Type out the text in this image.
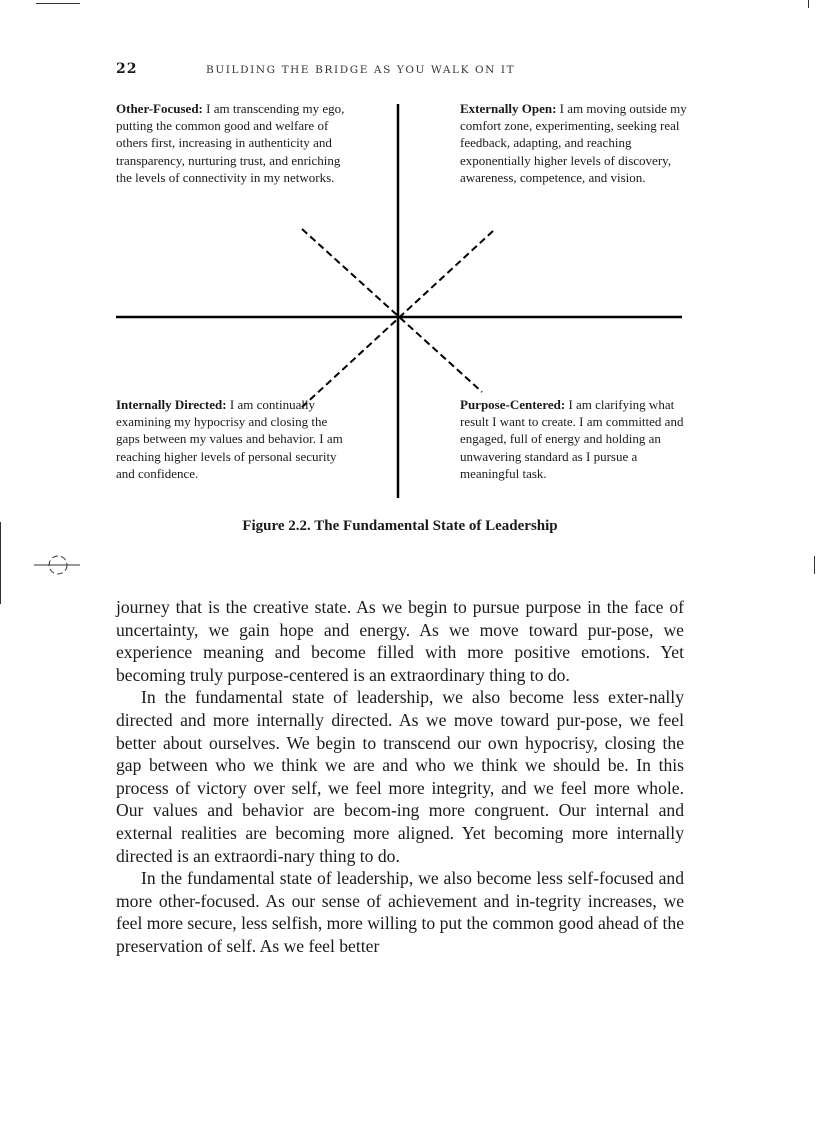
22	BUILDING THE BRIDGE AS YOU WALK ON IT
Other-Focused: I am transcending my ego, putting the common good and welfare of others first, increasing in authenticity and transparency, nurturing trust, and enriching the levels of connectivity in my networks.
Externally Open: I am moving outside my comfort zone, experimenting, seeking real feedback, adapting, and reaching exponentially higher levels of discovery, awareness, competence, and vision.
Internally Directed: I am continually examining my hypocrisy and closing the gaps between my values and behavior. I am reaching higher levels of personal security and confidence.
Purpose-Centered: I am clarifying what result I want to create. I am committed and engaged, full of energy and holding an unwavering standard as I pursue a meaningful task.
Figure 2.2. The Fundamental State of Leadership

journey that is the creative state. As we begin to pursue purpose in the face of uncertainty, we gain hope and energy. As we move toward pur-pose, we experience meaning and become filled with more positive emotions. Yet becoming truly purpose-centered is an extraordinary thing to do.

In the fundamental state of leadership, we also become less exter-nally directed and more internally directed. As we move toward pur-pose, we feel better about ourselves. We begin to transcend our own hypocrisy, closing the gap between who we think we are and who we think we should be. In this process of victory over self, we feel more integrity, and we feel more whole. Our values and behavior are becom-ing more congruent. Our internal and external realities are becoming more aligned. Yet becoming more internally directed is an extraordi-nary thing to do.

In the fundamental state of leadership, we also become less self-focused and more other-focused. As our sense of achievement and in-tegrity increases, we feel more secure, less selfish, more willing to put the common good ahead of the preservation of self. As we feel better
